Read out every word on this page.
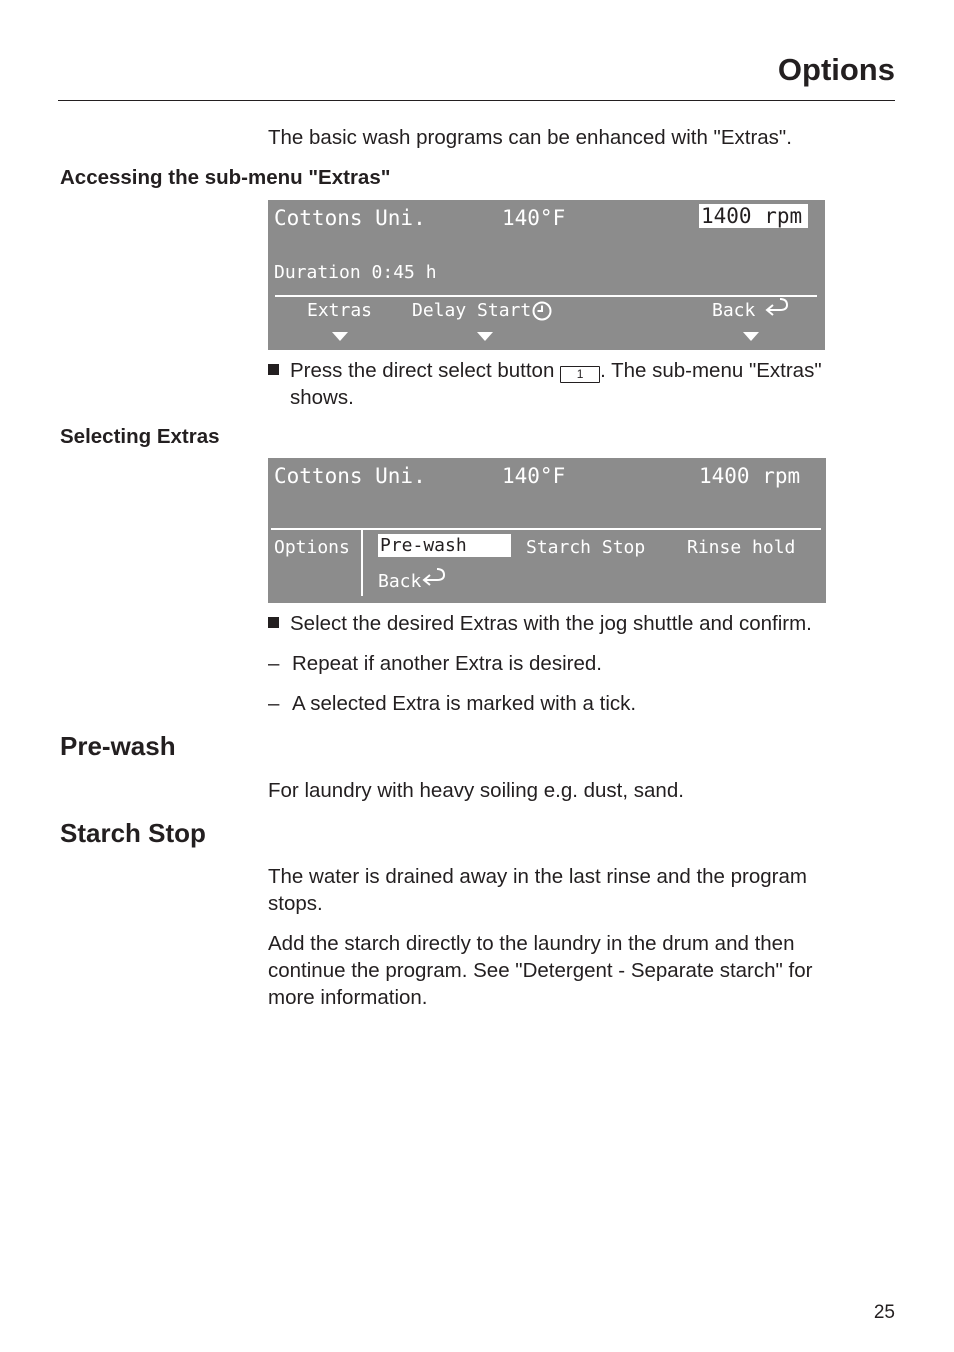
Options
The basic wash programs can be enhanced with "Extras".
Accessing the sub-menu "Extras"
Cottons Uni.	140°F	1400 rpm
Duration 0:45 h
Extras Delay Start	Back
Press the direct select button 1 . The sub-menu "Extras"
shows.
Selecting Extras
Cottons Uni.	140°F	1400 rpm
Options Pre-wash	Starch Stop Rinse hold
Back
Select the desired Extras with the jog shuttle and confirm.
– Repeat if another Extra is desired.
– A selected Extra is marked with a tick.
Pre-wash
For laundry with heavy soiling e.g. dust, sand.
Starch Stop
The water is drained away in the last rinse and the program
stops.
Add the starch directly to the laundry in the drum and then
continue the program. See "Detergent - Separate starch" for
more information.
25
